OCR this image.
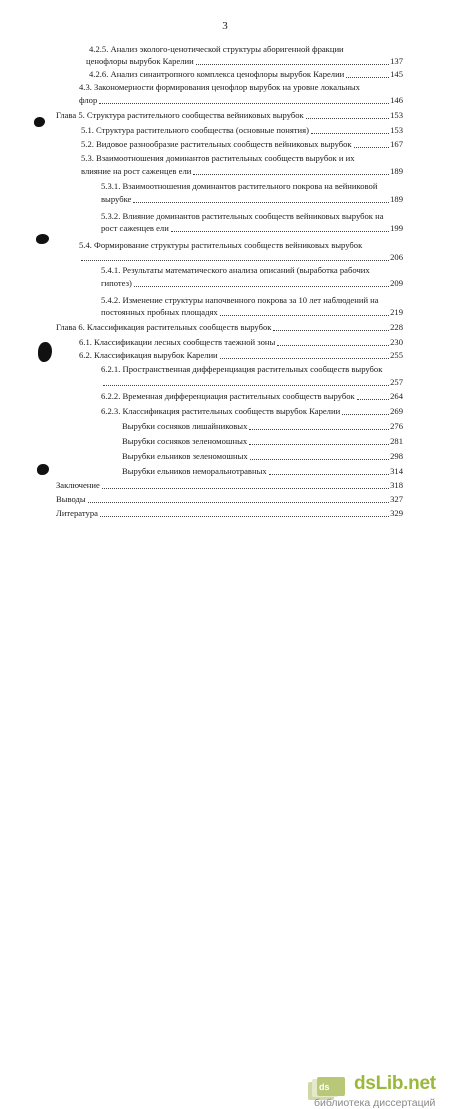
3
4.2.5. Анализ эколого-ценотической структуры аборигенной фракции
ценофлоры вырубок Карелии	137
4.2.6. Анализ синантропного комплекса ценофлоры вырубок Карелии	145
4.3. Закономерности формирования ценофлор вырубок на уровне локальных
флор	146
Глава 5. Структура растительного сообщества вейниковых вырубок	153
5.1. Структура растительного сообщества (основные понятия)	153
5.2. Видовое разнообразие растительных сообществ вейниковых вырубок	167
5.3. Взаимоотношения доминантов растительных сообществ вырубок и их
влияние на рост саженцев ели	189
5.3.1. Взаимоотношения доминантов растительного покрова на вейниковой
вырубке	189
5.3.2. Влияние доминантов растительных сообществ вейниковых вырубок на
рост саженцев ели	199
5.4. Формирование структуры растительных сообществ вейниковых вырубок
206
5.4.1. Результаты математического анализа описаний (выработка рабочих
гипотез)	209
5.4.2. Изменение структуры напочвенного покрова за 10 лет наблюдений на
постоянных пробных площадях	219
Глава 6. Классификация растительных сообществ вырубок	228
6.1. Классификации лесных сообществ таежной зоны	230
6.2. Классификация вырубок Карелии	255
6.2.1. Пространственная дифференциация растительных сообществ вырубок
257
6.2.2. Временная дифференциация растительных сообществ вырубок	264
6.2.3. Классификация растительных сообществ вырубок Карелии	269
Вырубки сосняков лишайниковых	276
Вырубки сосняков зеленомошных	281
Вырубки ельников зеленомошных	298
Вырубки ельников неморальнотравных	314
Заключение	318
Выводы	327
Литература	329
ds dsLib.net
библиотека диссертаций
